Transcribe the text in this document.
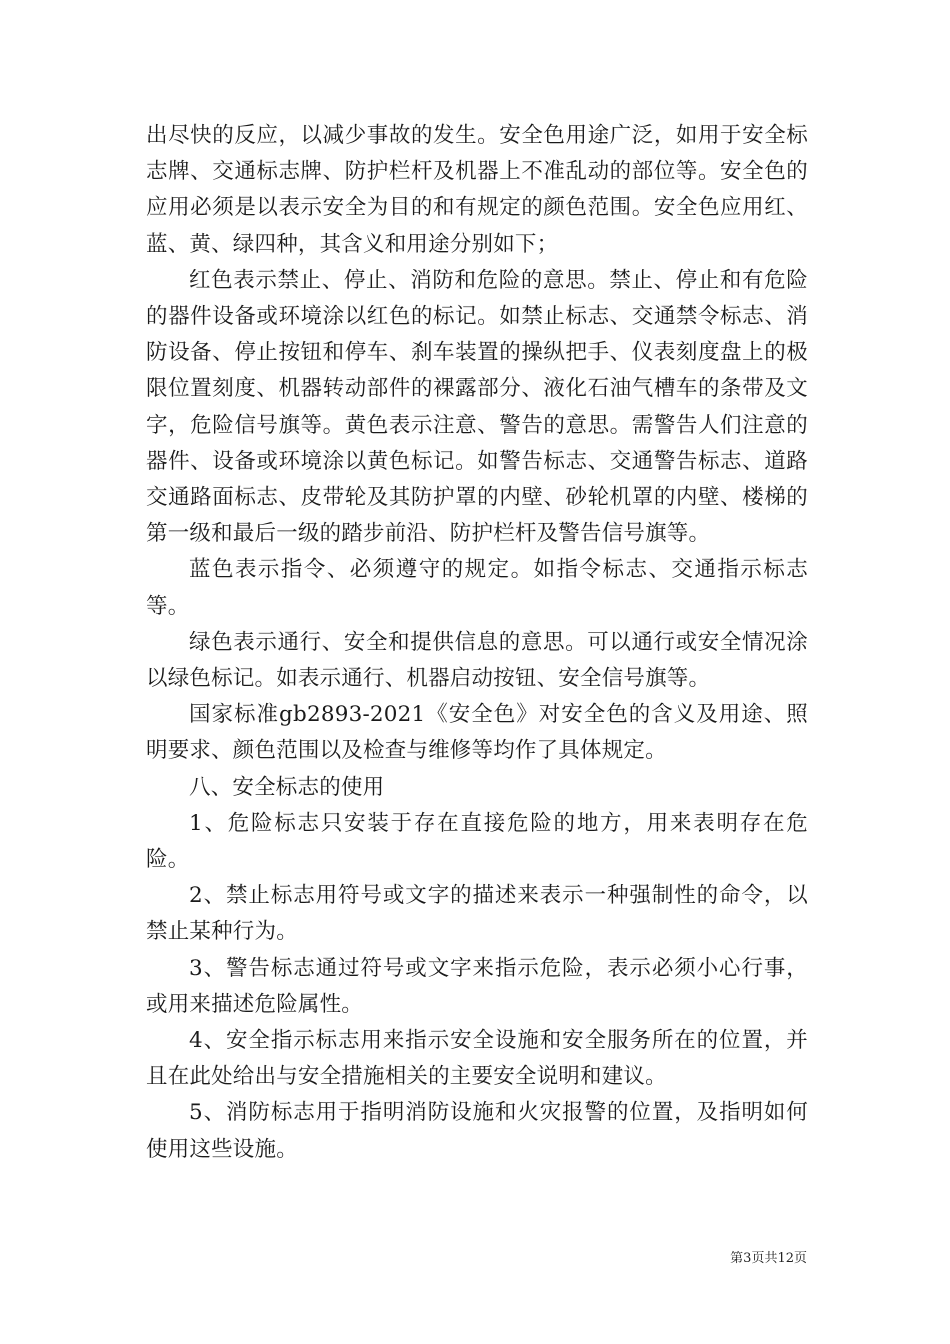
出尽快的反应，以减少事故的发生。安全色用途广泛，如用于安全标志牌、交通标志牌、防护栏杆及机器上不准乱动的部位等。安全色的应用必须是以表示安全为目的和有规定的颜色范围。安全色应用红、蓝、黄、绿四种，其含义和用途分别如下；

红色表示禁止、停止、消防和危险的意思。禁止、停止和有危险的器件设备或环境涂以红色的标记。如禁止标志、交通禁令标志、消防设备、停止按钮和停车、刹车装置的操纵把手、仪表刻度盘上的极限位置刻度、机器转动部件的裸露部分、液化石油气槽车的条带及文字，危险信号旗等。黄色表示注意、警告的意思。需警告人们注意的器件、设备或环境涂以黄色标记。如警告标志、交通警告标志、道路交通路面标志、皮带轮及其防护罩的内壁、砂轮机罩的内壁、楼梯的第一级和最后一级的踏步前沿、防护栏杆及警告信号旗等。

蓝色表示指令、必须遵守的规定。如指令标志、交通指示标志等。

绿色表示通行、安全和提供信息的意思。可以通行或安全情况涂以绿色标记。如表示通行、机器启动按钮、安全信号旗等。

国家标准gb2893-2021《安全色》对安全色的含义及用途、照明要求、颜色范围以及检查与维修等均作了具体规定。

八、安全标志的使用

1、危险标志只安装于存在直接危险的地方，用来表明存在危险。

2、禁止标志用符号或文字的描述来表示一种强制性的命令，以禁止某种行为。

3、警告标志通过符号或文字来指示危险，表示必须小心行事，或用来描述危险属性。

4、安全指示标志用来指示安全设施和安全服务所在的位置，并且在此处给出与安全措施相关的主要安全说明和建议。

5、消防标志用于指明消防设施和火灾报警的位置，及指明如何使用这些设施。

第3页共12页
